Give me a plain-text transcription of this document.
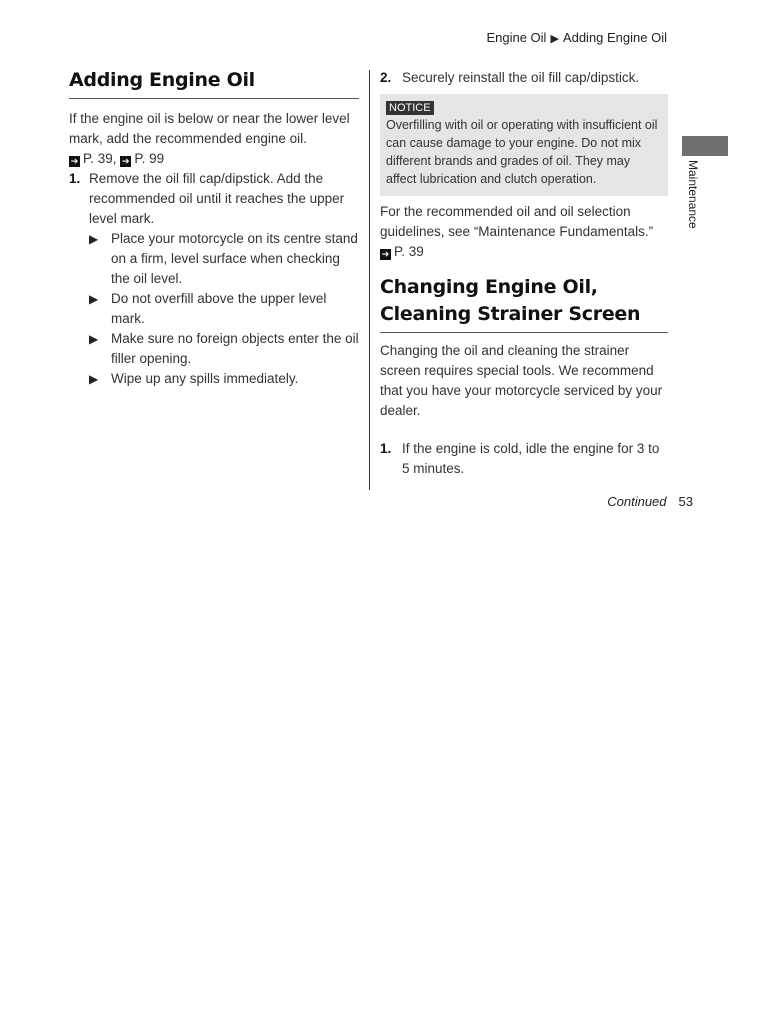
Engine Oil ▶ Adding Engine Oil
Maintenance
Adding Engine Oil

If the engine oil is below or near the lower level mark, add the recommended engine oil.

➔ P. 39, ➔ P. 99
1. Remove the oil fill cap/dipstick. Add the recommended oil until it reaches the upper level mark.
▶ Place your motorcycle on its centre stand on a firm, level surface when checking the oil level.
▶ Do not overfill above the upper level mark.
▶ Make sure no foreign objects enter the oil filler opening.
▶ Wipe up any spills immediately.
2. Securely reinstall the oil fill cap/dipstick.
NOTICE

Overfilling with oil or operating with insufficient oil can cause damage to your engine. Do not mix different brands and grades of oil. They may affect lubrication and clutch operation.

For the recommended oil and oil selection guidelines, see “Maintenance Fundamentals.”

➔ P. 39
Changing Engine Oil, Cleaning Strainer Screen

Changing the oil and cleaning the strainer screen requires special tools. We recommend that you have your motorcycle serviced by your dealer.

1. If the engine is cold, idle the engine for 3 to 5 minutes.
Continued 53
